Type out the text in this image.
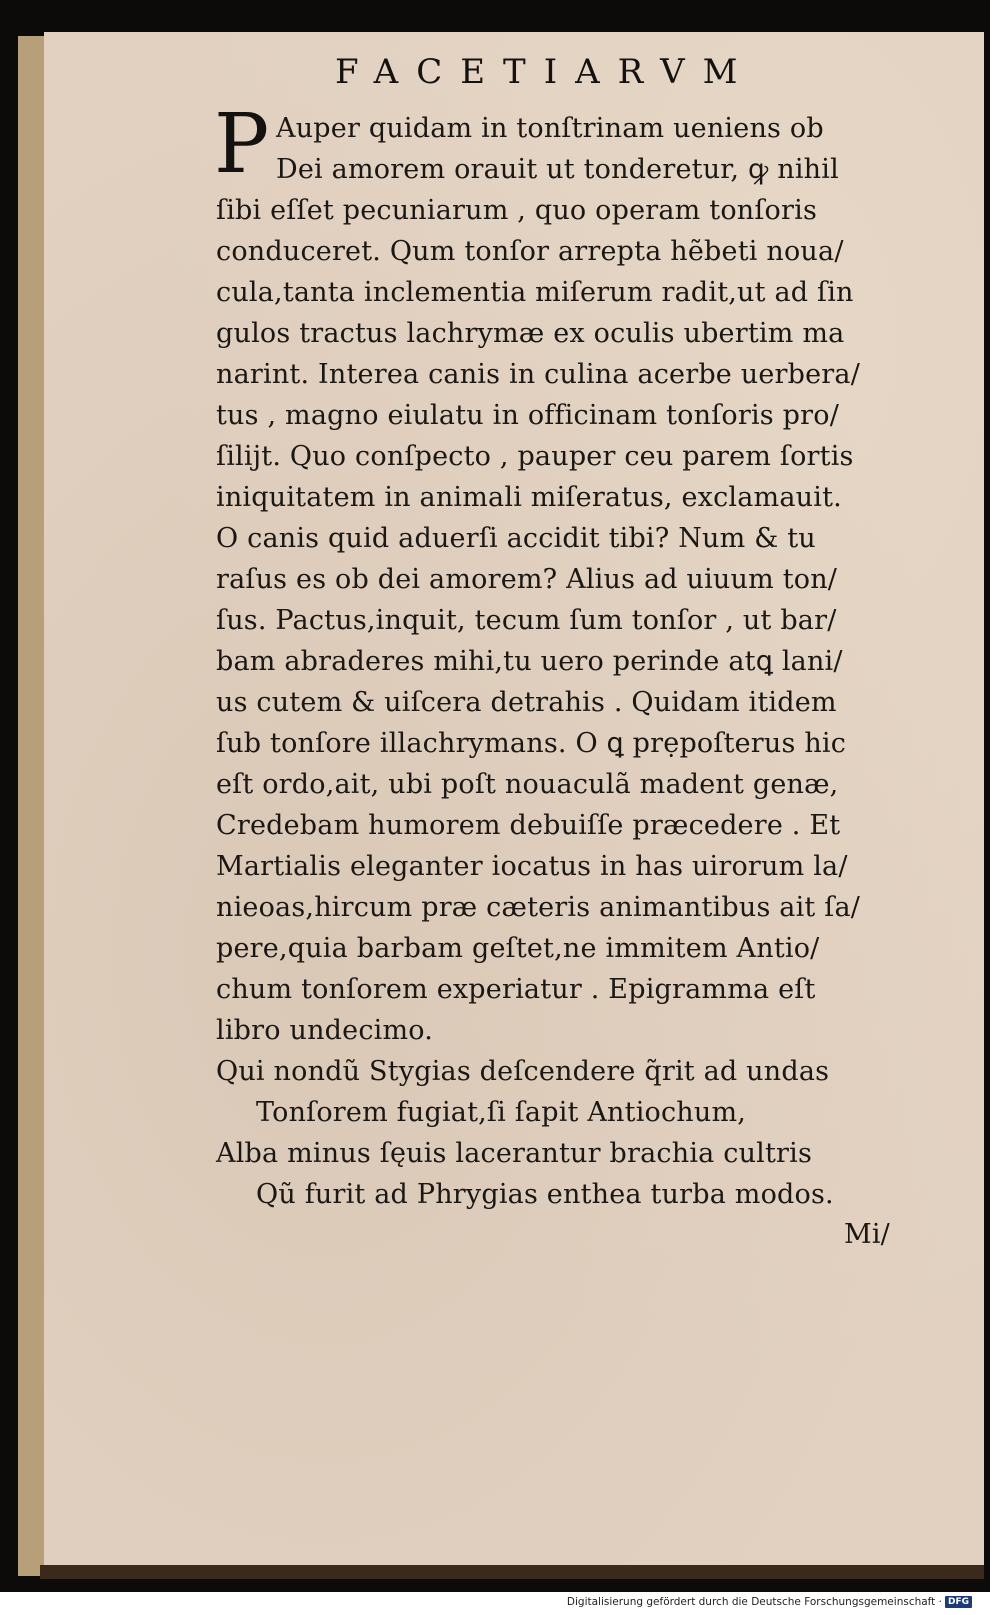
FACETIARVM
P Auper quidam in tonſtrinam ueniens ob
Dei amorem orauit ut tonderetur, ꝙ nihil
ſibi eſſet pecuniarum , quo operam tonſoris
conduceret. Qum tonſor arrepta hẽbeti noua/
cula,tanta inclementia miſerum radit,ut ad ſin
gulos tractus lachrymæ ex oculis ubertim ma
narint. Interea canis in culina acerbe uerbera/
tus , magno eiulatu in officinam tonſoris pro/
ſilijt. Quo conſpecto , pauper ceu parem ſortis
iniquitatem in animali miſeratus, exclamauit.
O canis quid aduerſi accidit tibi? Num & tu
raſus es ob dei amorem? Alius ad uiuum ton/
ſus. Pactus,inquit, tecum ſum tonſor , ut bar/
bam abraderes mihi,tu uero perinde atꝗ lani/
us cutem & uiſcera detrahis . Quidam itidem
ſub tonſore illachrymans. O ꝗ prẹpoſterus hic
eſt ordo,ait, ubi poſt nouaculã madent genæ,
Credebam humorem debuiſſe præcedere . Et
Martialis eleganter iocatus in has uirorum la/
nieoas,hircum præ cæteris animantibus ait ſa/
pere,quia barbam geſtet,ne immitem Antio/
chum tonſorem experiatur . Epigramma eſt
libro undecimo.
Qui nondũ Stygias deſcendere q̃rit ad undas
Tonſorem fugiat,ſi ſapit Antiochum,
Alba minus ſęuis lacerantur brachia cultris
Qũ furit ad Phrygias enthea turba modos.
Mi/
Digitalisierung gefördert durch die Deutsche Forschungsgemeinschaft · DFG
